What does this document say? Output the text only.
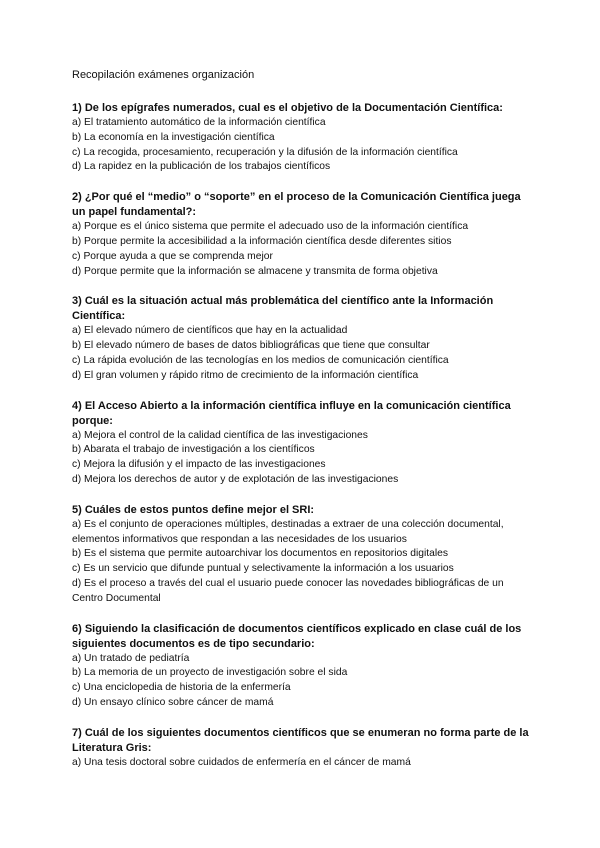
Recopilación exámenes organización

1) De los epígrafes numerados, cual es el objetivo de la Documentación Científica:

a) El tratamiento automático de la información científica

b) La economía en la investigación científica

c) La recogida, procesamiento, recuperación y la difusión de la información científica

d) La rapidez en la publicación de los trabajos científicos

2) ¿Por qué el “medio” o “soporte” en el proceso de la Comunicación Científica juega un papel fundamental?:

a) Porque es el único sistema que permite el adecuado uso de la información científica

b) Porque permite la accesibilidad a la información científica desde diferentes sitios

c) Porque ayuda a que se comprenda mejor

d) Porque permite que la información se almacene y transmita de forma objetiva

3) Cuál es la situación actual más problemática del científico ante la Información Científica:

a) El elevado número de científicos que hay en la actualidad

b) El elevado número de bases de datos bibliográficas que tiene que consultar

c) La rápida evolución de las tecnologías en los medios de comunicación científica

d) El gran volumen y rápido ritmo de crecimiento de la información científica

4) El Acceso Abierto a la información científica influye en la comunicación científica porque:

a) Mejora el control de la calidad científica de las investigaciones

b) Abarata el trabajo de investigación a los científicos

c) Mejora la difusión y el impacto de las investigaciones

d) Mejora los derechos de autor y de explotación de las investigaciones

5) Cuáles de estos puntos define mejor el SRI:

a) Es el conjunto de operaciones múltiples, destinadas a extraer de una colección documental, elementos informativos que respondan a las necesidades de los usuarios

b) Es el sistema que permite autoarchivar los documentos en repositorios digitales

c) Es un servicio que difunde puntual y selectivamente la información a los usuarios

d) Es el proceso a través del cual el usuario puede conocer las novedades bibliográficas de un Centro Documental

6) Siguiendo la clasificación de documentos científicos explicado en clase cuál de los siguientes documentos es de tipo secundario:

a) Un tratado de pediatría

b) La memoria de un proyecto de investigación sobre el sida

c) Una enciclopedia de historia de la enfermería

d) Un ensayo clínico sobre cáncer de mamá

7) Cuál de los siguientes documentos científicos que se enumeran no forma parte de la Literatura Gris:

a) Una tesis doctoral sobre cuidados de enfermería en el cáncer de mamá
